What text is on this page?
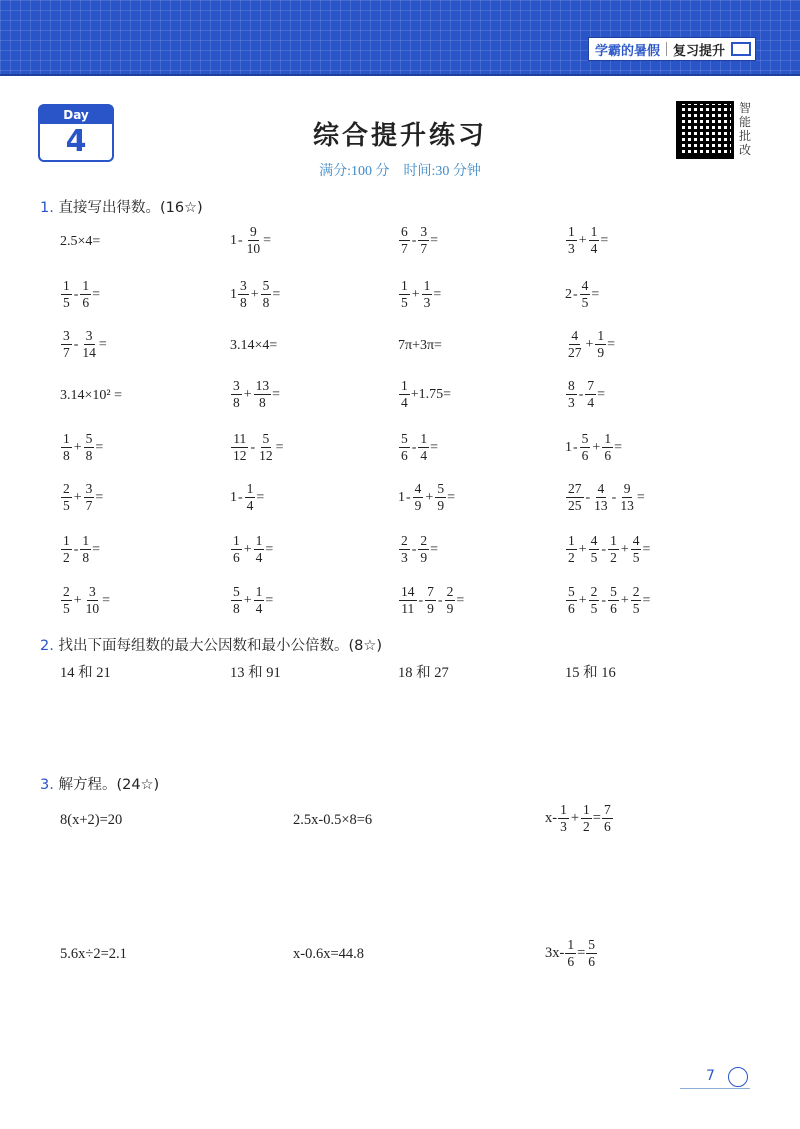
学霸的暑假	复习提升
Day
4	综合提升练习
满分:100 分　时间:30 分钟
智能批改
1. 直接写出得数。(16☆)
2.5×4=	$1 - \frac{9}{10}$ =	$\frac{6}{7} - \frac{3}{7}$ =	$\frac{1}{3} + \frac{1}{4}$ =
$\frac{1}{5} - \frac{1}{6}$ =	$1 \frac{3}{8} + \frac{5}{8}$ =	$\frac{1}{5} + \frac{1}{3}$ =	$2 - \frac{4}{5}$ =
$\frac{3}{7} - \frac{3}{14}$ =	3.14×4=	7π+3π=	$\frac{4}{27} + \frac{1}{9}$ =
3.14×10² =	$\frac{3}{8} + \frac{13}{8}$ =	$\frac{1}{4} +1.75=$	$\frac{8}{3} - \frac{7}{4}$ =
$\frac{1}{8} + \frac{5}{8}$ =	$\frac{11}{12} - \frac{5}{12}$ =	$\frac{5}{6} - \frac{1}{4}$ =	$1 - \frac{5}{6} + \frac{1}{6}$ =
$\frac{2}{5} + \frac{3}{7}$ =	$1 - \frac{1}{4}$ =	$1 - \frac{4}{9} + \frac{5}{9}$ =	$\frac{27}{25} - \frac{4}{13} - \frac{9}{13}$ =
$\frac{1}{2} - \frac{1}{8}$ =	$\frac{1}{6} + \frac{1}{4}$ =	$\frac{2}{3} - \frac{2}{9}$ =	$\frac{1}{2} + \frac{4}{5} - \frac{1}{2} + \frac{4}{5}$ =
$\frac{2}{5} + \frac{3}{10}$ =	$\frac{5}{8} + \frac{1}{4}$ =	$\frac{14}{11} - \frac{7}{9} - \frac{2}{9}$ =	$\frac{5}{6} + \frac{2}{5} - \frac{5}{6} + \frac{2}{5}$ =
2. 找出下面每组数的最大公因数和最小公倍数。(8☆)
14 和 21	13 和 91	18 和 27	15 和 16
3. 解方程。(24☆)
8(x+2)=20	2.5x-0.5×8=6	$x- \frac{1}{3} + \frac{1}{2} = \frac{7}{6}$
5.6x÷2=2.1	x-0.6x=44.8	$3x- \frac{1}{6} = \frac{5}{6}$
7
